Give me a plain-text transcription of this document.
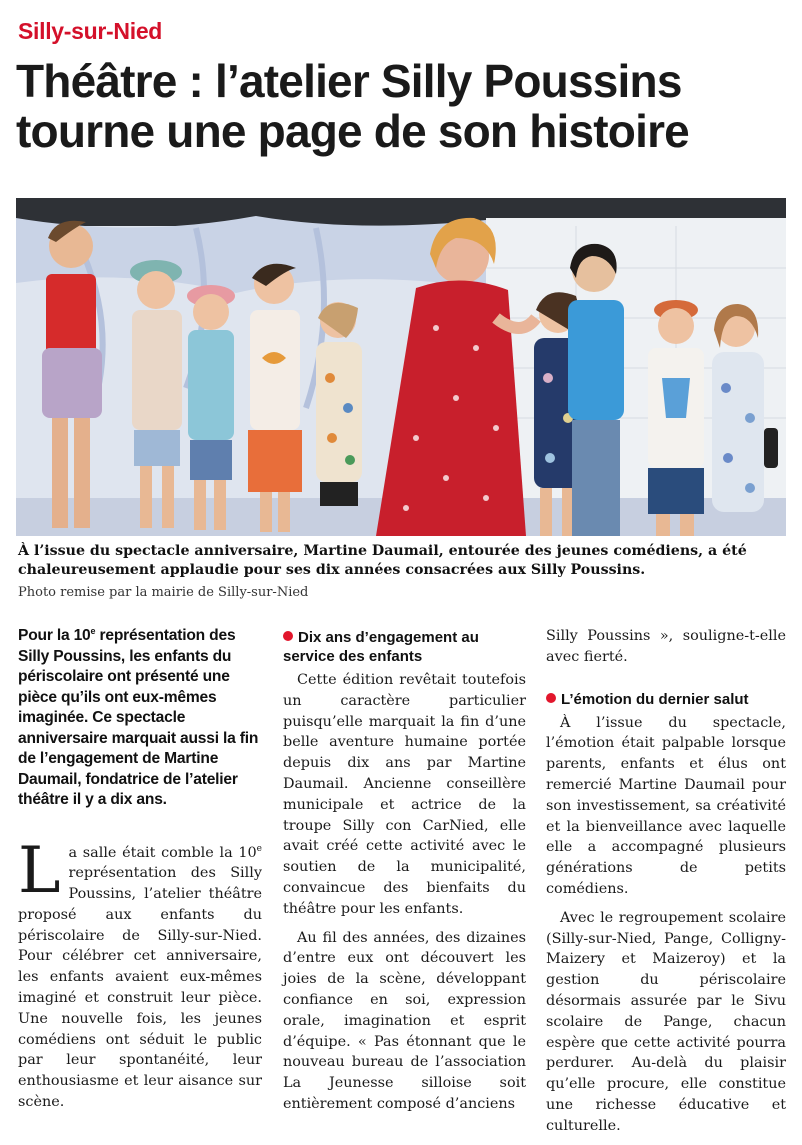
Silly-sur-Nied
Théâtre : l’atelier Silly Poussins tourne une page de son histoire
À l’issue du spectacle anniversaire, Martine Daumail, entourée des jeunes comédiens, a été chaleureusement applaudie pour ses dix années consacrées aux Silly Poussins.
Photo remise par la mairie de Silly-sur-Nied

Pour la 10e représentation des Silly Poussins, les enfants du périscolaire ont présenté une pièce qu’ils ont eux-mêmes imaginée. Ce spectacle anniversaire marquait aussi la fin de l’engagement de Martine Daumail, fondatrice de l’atelier théâtre il y a dix ans.

La salle était comble la 10e représentation des Silly Poussins, l’atelier théâtre proposé aux enfants du périscolaire de Silly-sur-Nied. Pour célébrer cet anniversaire, les enfants avaient eux-mêmes imaginé et construit leur pièce. Une nouvelle fois, les jeunes comédiens ont séduit le public par leur spontanéité, leur enthousiasme et leur aisance sur scène.

Dix ans d’engagement au service des enfants

Cette édition revêtait toutefois un caractère particulier puisqu’elle marquait la fin d’une belle aventure humaine portée depuis dix ans par Martine Daumail. Ancienne conseillère municipale et actrice de la troupe Silly con CarNied, elle avait créé cette activité avec le soutien de la municipalité, convaincue des bienfaits du théâtre pour les enfants.

Au fil des années, des dizaines d’entre eux ont découvert les joies de la scène, développant confiance en soi, expression orale, imagination et esprit d’équipe. « Pas étonnant que le nouveau bureau de l’association La Jeunesse silloise soit entièrement composé d’anciens

Silly Poussins », souligne-t-elle avec fierté.

L’émotion du dernier salut

À l’issue du spectacle, l’émotion était palpable lorsque parents, enfants et élus ont remercié Martine Daumail pour son investissement, sa créativité et la bienveillance avec laquelle elle a accompagné plusieurs générations de petits comédiens.

Avec le regroupement scolaire (Silly-sur-Nied, Pange, Colligny-Maizery et Maizeroy) et la gestion du périscolaire désormais assurée par le Sivu scolaire de Pange, chacun espère que cette activité pourra perdurer. Au-delà du plaisir qu’elle procure, elle constitue une richesse éducative et culturelle.
